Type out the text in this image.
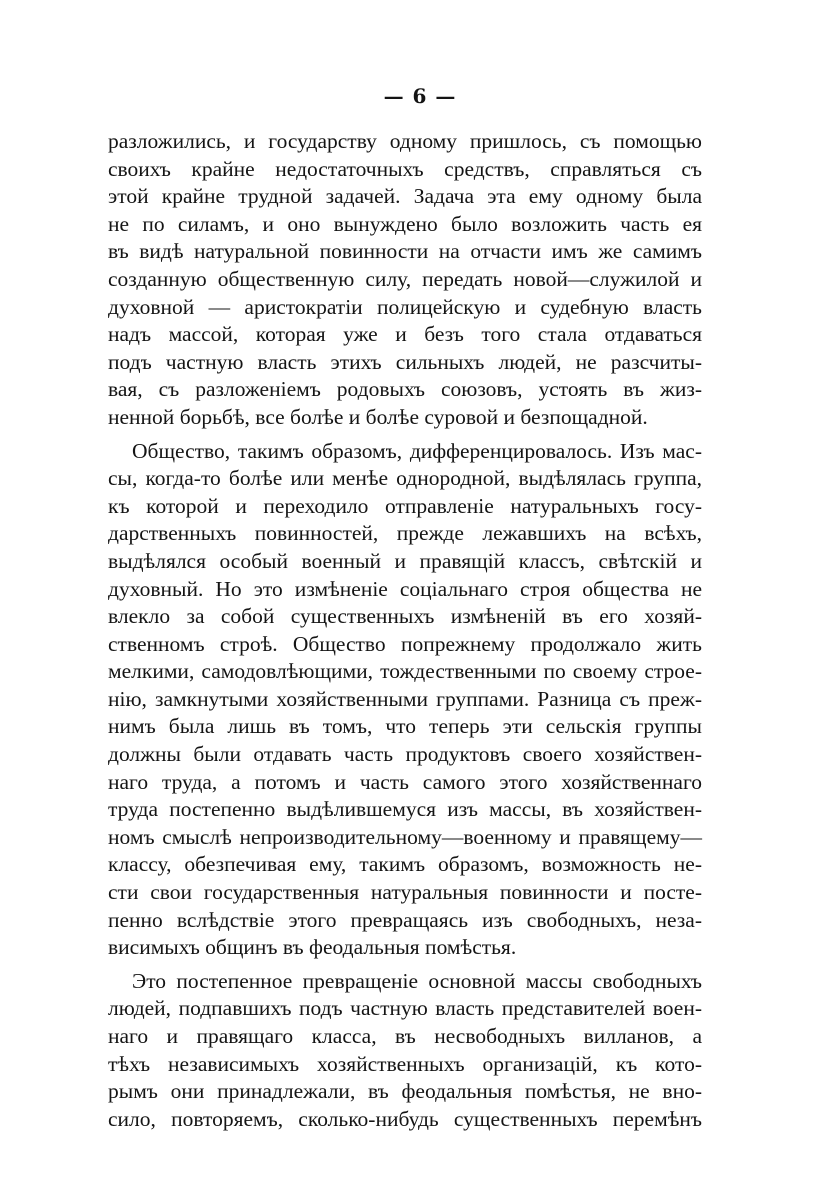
— 6 —
разложились, и государству одному пришлось, съ помощью
своихъ крайне недостаточныхъ средствъ, справляться съ
этой крайне трудной задачей. Задача эта ему одному была
не по силамъ, и оно вынуждено было возложить часть ея
въ видѣ натуральной повинности на отчасти имъ же самимъ
созданную общественную силу, передать новой—служилой и
духовной — аристократіи полицейскую и судебную власть
надъ массой, которая уже и безъ того стала отдаваться
подъ частную власть этихъ сильныхъ людей, не разсчиты-
вая, съ разложеніемъ родовыхъ союзовъ, устоять въ жиз-
ненной борьбѣ, все болѣе и болѣе суровой и безпощадной.
Общество, такимъ образомъ, дифференцировалось. Изъ мас-
сы, когда-то болѣе или менѣе однородной, выдѣлялась группа,
къ которой и переходило отправленіе натуральныхъ госу-
дарственныхъ повинностей, прежде лежавшихъ на всѣхъ,
выдѣлялся особый военный и правящій классъ, свѣтскій и
духовный. Но это измѣненіе соціальнаго строя общества не
влекло за собой существенныхъ измѣненій въ его хозяй-
ственномъ строѣ. Общество попрежнему продолжало жить
мелкими, самодовлѣющими, тождественными по своему строе-
нію, замкнутыми хозяйственными группами. Разница съ преж-
нимъ была лишь въ томъ, что теперь эти сельскія группы
должны были отдавать часть продуктовъ своего хозяйствен-
наго труда, а потомъ и часть самого этого хозяйственнаго
труда постепенно выдѣлившемуся изъ массы, въ хозяйствен-
номъ смыслѣ непроизводительному—военному и правящему—
классу, обезпечивая ему, такимъ образомъ, возможность не-
сти свои государственныя натуральныя повинности и посте-
пенно вслѣдствіе этого превращаясь изъ свободныхъ, неза-
висимыхъ общинъ въ феодальныя помѣстья.
Это постепенное превращеніе основной массы свободныхъ
людей, подпавшихъ подъ частную власть представителей воен-
наго и правящаго класса, въ несвободныхъ вилланов, а
тѣхъ независимыхъ хозяйственныхъ организацій, къ кото-
рымъ они принадлежали, въ феодальныя помѣстья, не вно-
сило, повторяемъ, сколько-нибудь существенныхъ перемѣнъ
